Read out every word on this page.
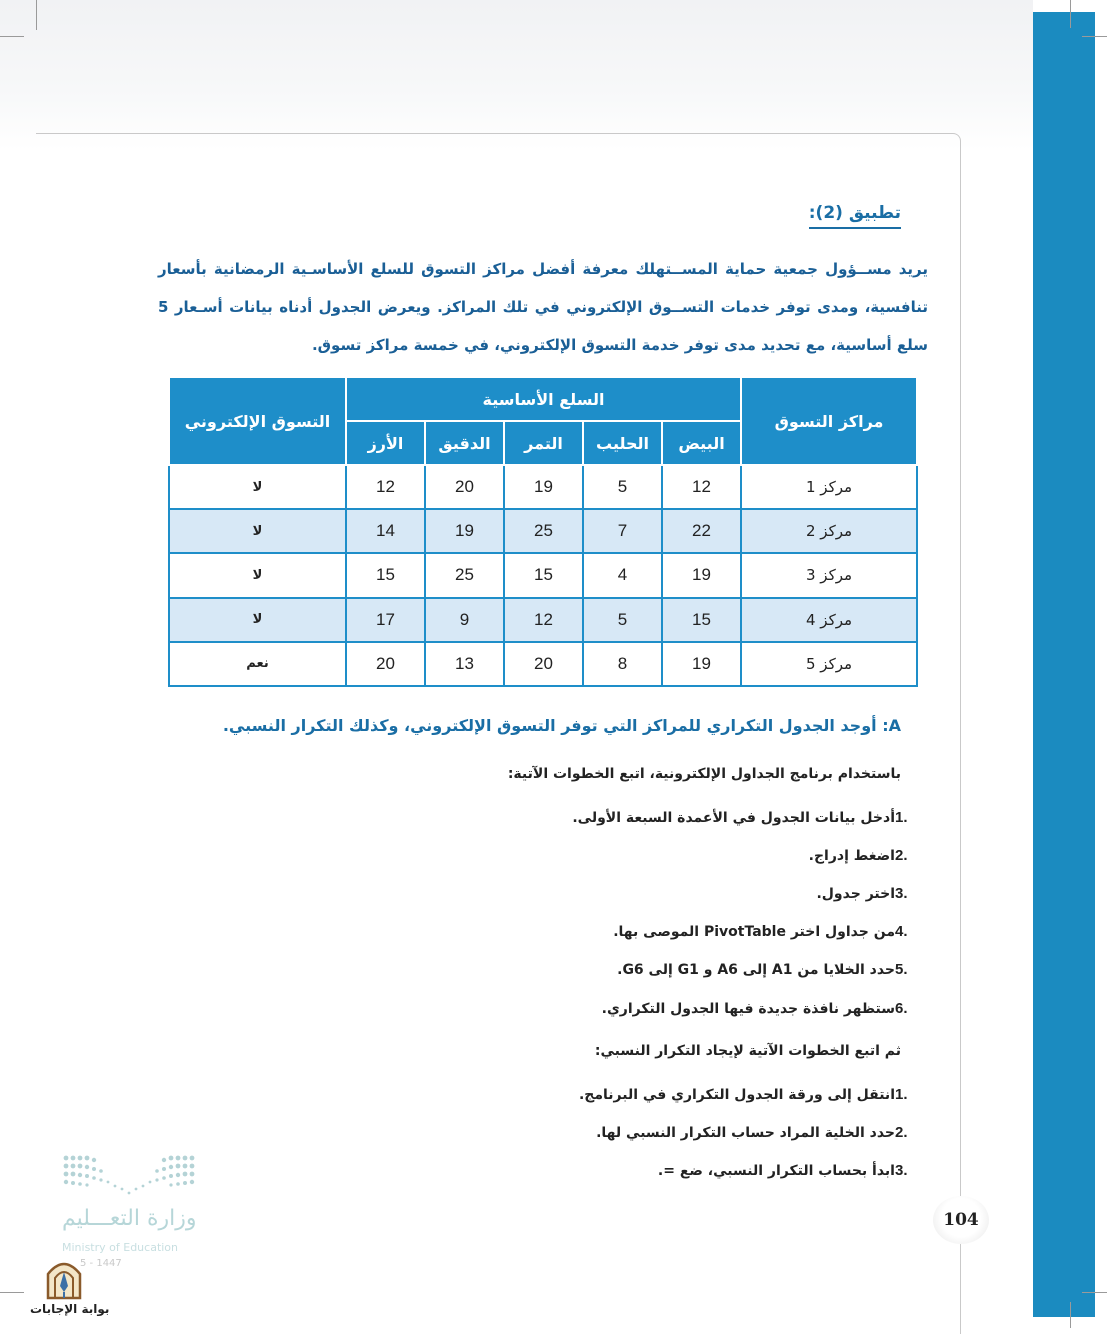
تطبيق (2):
يريد مســؤول جمعية حماية المســتهلك معرفة أفضل مراكز التسوق للسلع الأساسـية الرمضانية بأسعار تنافسية، ومدى توفر خدمات التســوق الإلكتروني في تلك المراكز. ويعرض الجدول أدناه بيانات أسـعار 5 سلع أساسية، مع تحديد مدى توفر خدمة التسوق الإلكتروني، في خمسة مراكز تسوق.
مراكز التسوق	السلع الأساسية					التسوق الإلكتروني
	البيض	الحليب	التمر	الدقيق	الأرز	
مركز 1	12	5	19	20	12	لا
مركز 2	22	7	25	19	14	لا
مركز 3	19	4	15	25	15	لا
مركز 4	15	5	12	9	17	لا
مركز 5	19	8	20	13	20	نعم
A: أوجد الجدول التكراري للمراكز التي توفر التسوق الإلكتروني، وكذلك التكرار النسبي.
باستخدام برنامج الجداول الإلكترونية، اتبع الخطوات الآتية:
.1أدخل بيانات الجدول في الأعمدة السبعة الأولى.
.2اضغط إدراج.
.3اختر جدول.
.4من جداول اختر PivotTable الموصى بها.
.5حدد الخلايا من A1 إلى A6 و G1 إلى G6.
.6ستظهر نافذة جديدة فيها الجدول التكراري.
ثم اتبع الخطوات الآتية لإيجاد التكرار النسبي:
.1انتقل إلى ورقة الجدول التكراري في البرنامج.
.2حدد الخلية المراد حساب التكرار النسبي لها.
.3ابدأ بحساب التكرار النسبي، ضع =.
104
وزارة التعـــليم
Ministry of Education
5 - 1447
بوابة الإجابات
